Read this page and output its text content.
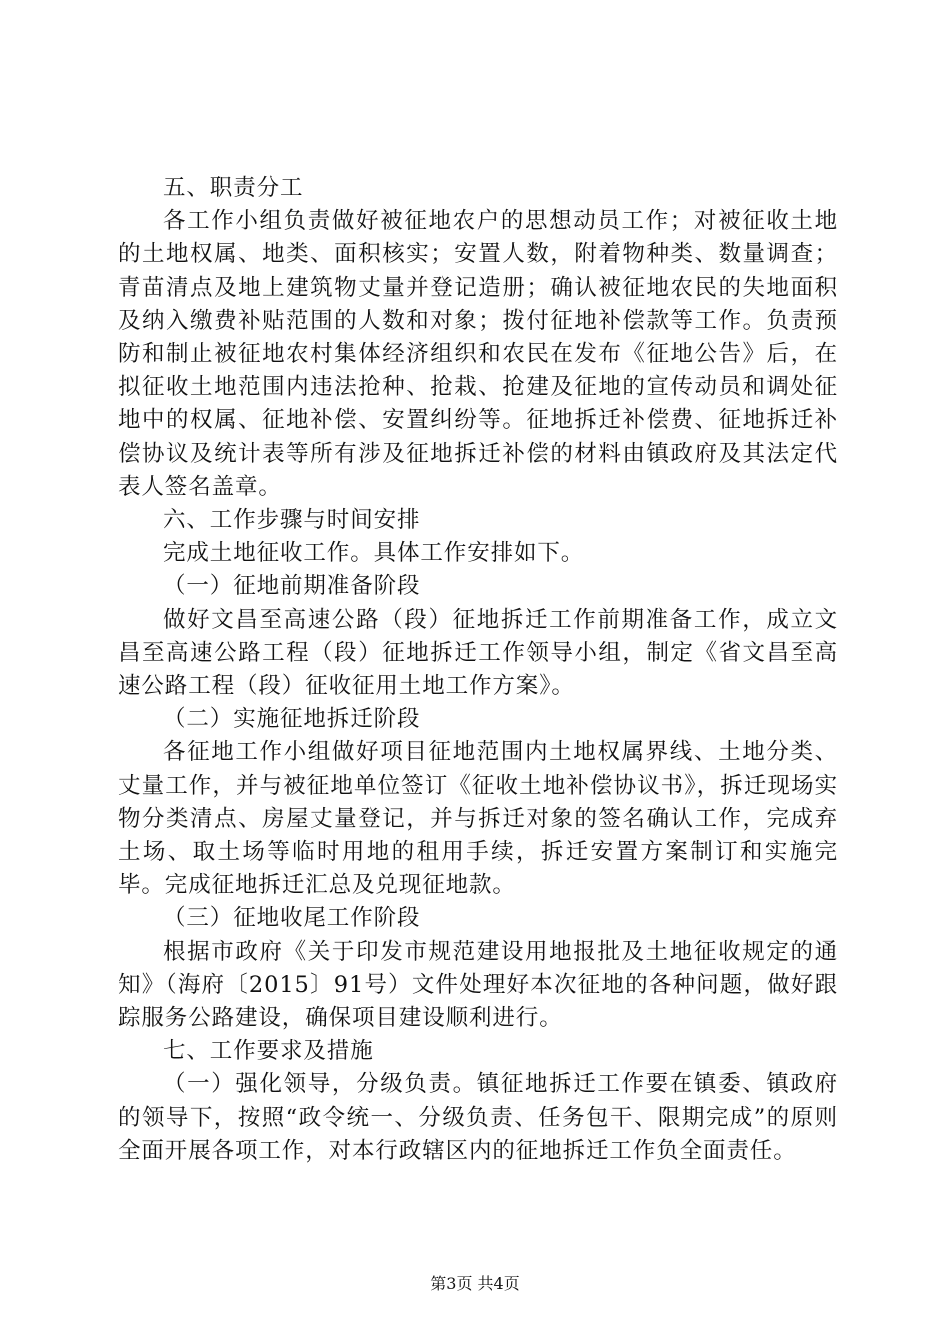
五、职责分工

各工作小组负责做好被征地农户的思想动员工作；对被征收土地的土地权属、地类、面积核实；安置人数，附着物种类、数量调查；青苗清点及地上建筑物丈量并登记造册；确认被征地农民的失地面积及纳入缴费补贴范围的人数和对象；拨付征地补偿款等工作。负责预防和制止被征地农村集体经济组织和农民在发布《征地公告》后，在拟征收土地范围内违法抢种、抢栽、抢建及征地的宣传动员和调处征地中的权属、征地补偿、安置纠纷等。征地拆迁补偿费、征地拆迁补偿协议及统计表等所有涉及征地拆迁补偿的材料由镇政府及其法定代表人签名盖章。

六、工作步骤与时间安排

完成土地征收工作。具体工作安排如下。

（一）征地前期准备阶段

做好文昌至高速公路（段）征地拆迁工作前期准备工作，成立文昌至高速公路工程（段）征地拆迁工作领导小组，制定《省文昌至高速公路工程（段）征收征用土地工作方案》。

（二）实施征地拆迁阶段

各征地工作小组做好项目征地范围内土地权属界线、土地分类、丈量工作，并与被征地单位签订《征收土地补偿协议书》，拆迁现场实物分类清点、房屋丈量登记，并与拆迁对象的签名确认工作，完成弃土场、取土场等临时用地的租用手续，拆迁安置方案制订和实施完毕。完成征地拆迁汇总及兑现征地款。

（三）征地收尾工作阶段

根据市政府《关于印发市规范建设用地报批及土地征收规定的通知》（海府〔2015〕91号）文件处理好本次征地的各种问题，做好跟踪服务公路建设，确保项目建设顺利进行。

七、工作要求及措施

（一）强化领导，分级负责。镇征地拆迁工作要在镇委、镇政府的领导下，按照“政令统一、分级负责、任务包干、限期完成”的原则全面开展各项工作，对本行政辖区内的征地拆迁工作负全面责任。

第3页 共4页
